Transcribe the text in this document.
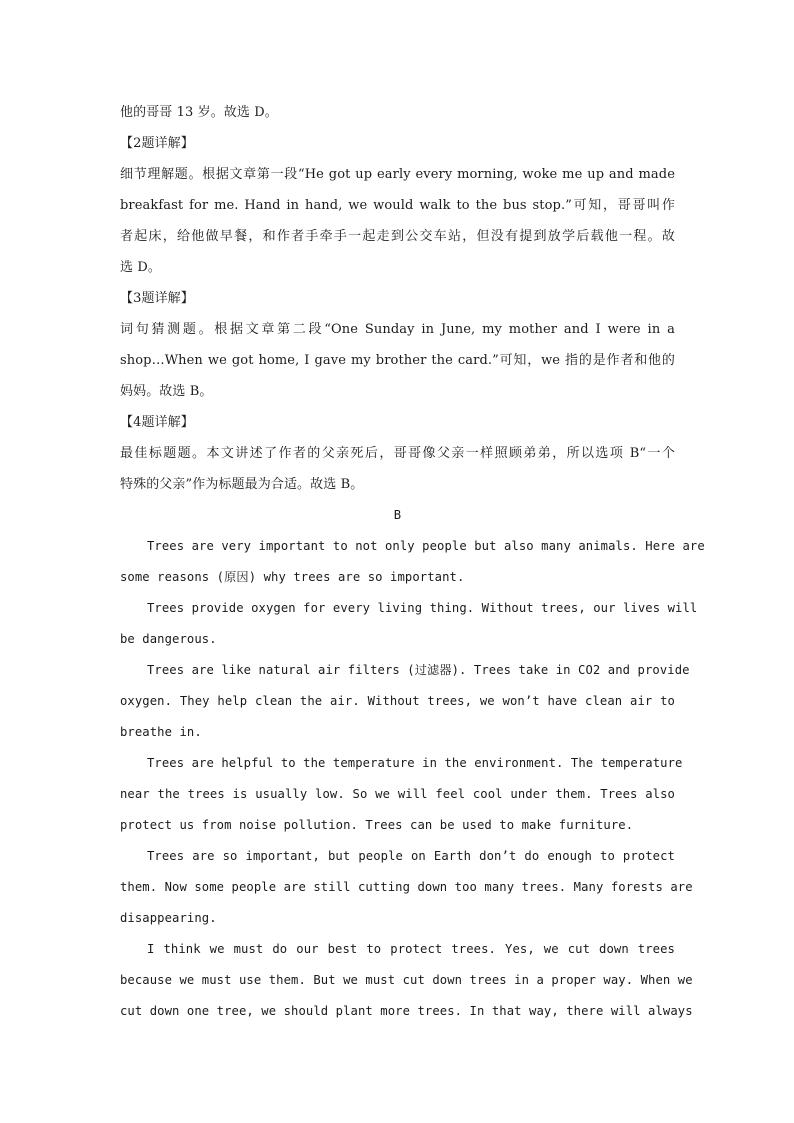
他的哥哥 13 岁。故选 D。
【2题详解】
细节理解题。根据文章第一段“He got up early every morning, woke me up and made
breakfast for me. Hand in hand, we would walk to the bus stop.”可知，哥哥叫作
者起床，给他做早餐，和作者手牵手一起走到公交车站，但没有提到放学后载他一程。故
选 D。
【3题详解】
词句猜测题。根据文章第二段“One Sunday in June, my mother and I were in a
shop…When we got home, I gave my brother the card.”可知，we 指的是作者和他的
妈妈。故选 B。
【4题详解】
最佳标题题。本文讲述了作者的父亲死后，哥哥像父亲一样照顾弟弟，所以选项 B“一个
特殊的父亲”作为标题最为合适。故选 B。
B
Trees are very important to not only people but also many animals. Here are
some reasons (原因) why trees are so important.
Trees provide oxygen for every living thing. Without trees, our lives will
be dangerous.
Trees are like natural air filters (过滤器). Trees take in CO2 and provide
oxygen. They help clean the air. Without trees, we won’t have clean air to
breathe in.
Trees are helpful to the temperature in the environment. The temperature
near the trees is usually low. So we will feel cool under them. Trees also
protect us from noise pollution. Trees can be used to make furniture.
Trees are so important, but people on Earth don’t do enough to protect
them. Now some people are still cutting down too many trees. Many forests are
disappearing.
I think we must do our best to protect trees. Yes, we cut down trees
because we must use them. But we must cut down trees in a proper way. When we
cut down one tree, we should plant more trees. In that way, there will always
